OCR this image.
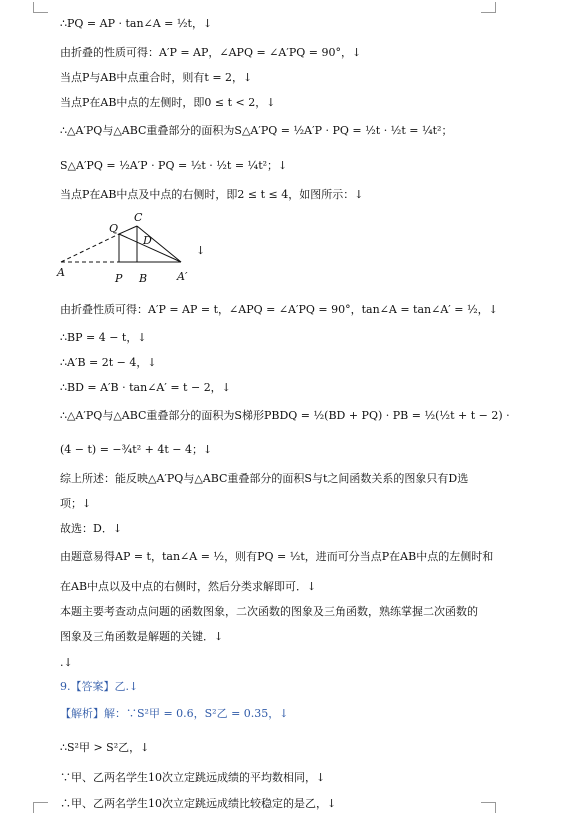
∴PQ = AP · tan∠A = ½t，↓
由折叠的性质可得：A′P = AP，∠APQ = ∠A′PQ = 90°，↓
当点P与AB中点重合时，则有t = 2，↓
当点P在AB中点的左侧时，即0 ≤ t < 2，↓
∴△A′PQ与△ABC重叠部分的面积为S△A′PQ = ½A′P · PQ = ½t · ½t = ¼t²；
S△A′PQ = ½A′P · PQ = ½t · ½t = ¼t²；↓
当点P在AB中点及中点的右侧时，即2 ≤ t ≤ 4，如图所示：↓
Q
C
D
A	P B	A′
↓
由折叠性质可得：A′P = AP = t，∠APQ = ∠A′PQ = 90°，tan∠A = tan∠A′ = ½，↓
∴BP = 4 − t，↓
∴A′B = 2t − 4，↓
∴BD = A′B · tan∠A′ = t − 2，↓
∴△A′PQ与△ABC重叠部分的面积为S梯形PBDQ = ½(BD + PQ) · PB = ½(½t + t − 2) ·
(4 − t) = −¾t² + 4t − 4；↓
综上所述：能反映△A′PQ与△ABC重叠部分的面积S与t之间函数关系的图象只有D选
项；↓
故选：D．↓
由题意易得AP = t，tan∠A = ½，则有PQ = ½t，进而可分当点P在AB中点的左侧时和
在AB中点以及中点的右侧时，然后分类求解即可．↓
本题主要考查动点问题的函数图象，二次函数的图象及三角函数，熟练掌握二次函数的
图象及三角函数是解题的关键．↓
.↓
9.【答案】乙.↓
【解析】解：∵S²甲 = 0.6，S²乙 = 0.35，↓
∴S²甲 > S²乙，↓
∵甲、乙两名学生10次立定跳远成绩的平均数相同，↓
∴甲、乙两名学生10次立定跳远成绩比较稳定的是乙，↓
